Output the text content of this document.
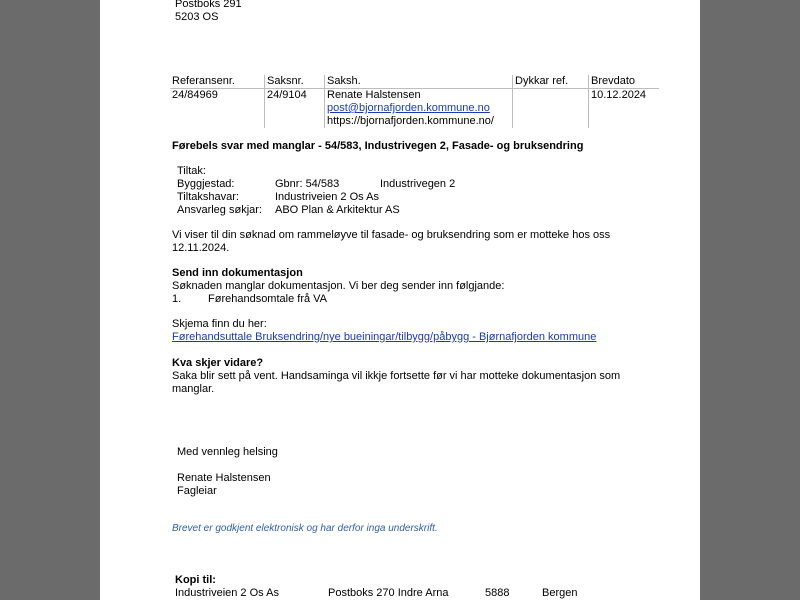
Postboks 291
5203 OS
Referansenr.	Saksnr.	Saksh.	Dykkar ref.	Brevdato
24/84969	24/9104	Renate Halstensen
post@bjornafjorden.kommune.no
https://bjornafjorden.kommune.no/		10.12.2024
Førebels svar med manglar - 54/583, Industrivegen 2, Fasade- og bruksendring
Tiltak:
Byggjestad:	Gbnr: 54/583	Industrivegen 2
Tiltakshavar:	Industriveien 2 Os As
Ansvarleg søkjar: ABO Plan & Arkitektur AS
Vi viser til din søknad om rammeløyve til fasade- og bruksendring som er motteke hos oss
12.11.2024.
Send inn dokumentasjon
Søknaden manglar dokumentasjon. Vi ber deg sender inn følgjande:
1. Førehandsomtale frå VA
Skjema finn du her:
Førehandsuttale Bruksendring/nye bueiningar/tilbygg/påbygg - Bjørnafjorden kommune
Kva skjer vidare?
Saka blir sett på vent. Handsaminga vil ikkje fortsette før vi har motteke dokumentasjon som
manglar.
Med vennleg helsing
Renate Halstensen
Fagleiar
Brevet er godkjent elektronisk og har derfor inga underskrift.
Kopi til:
Industriveien 2 Os As	Postboks 270 Indre Arna	5888	Bergen
